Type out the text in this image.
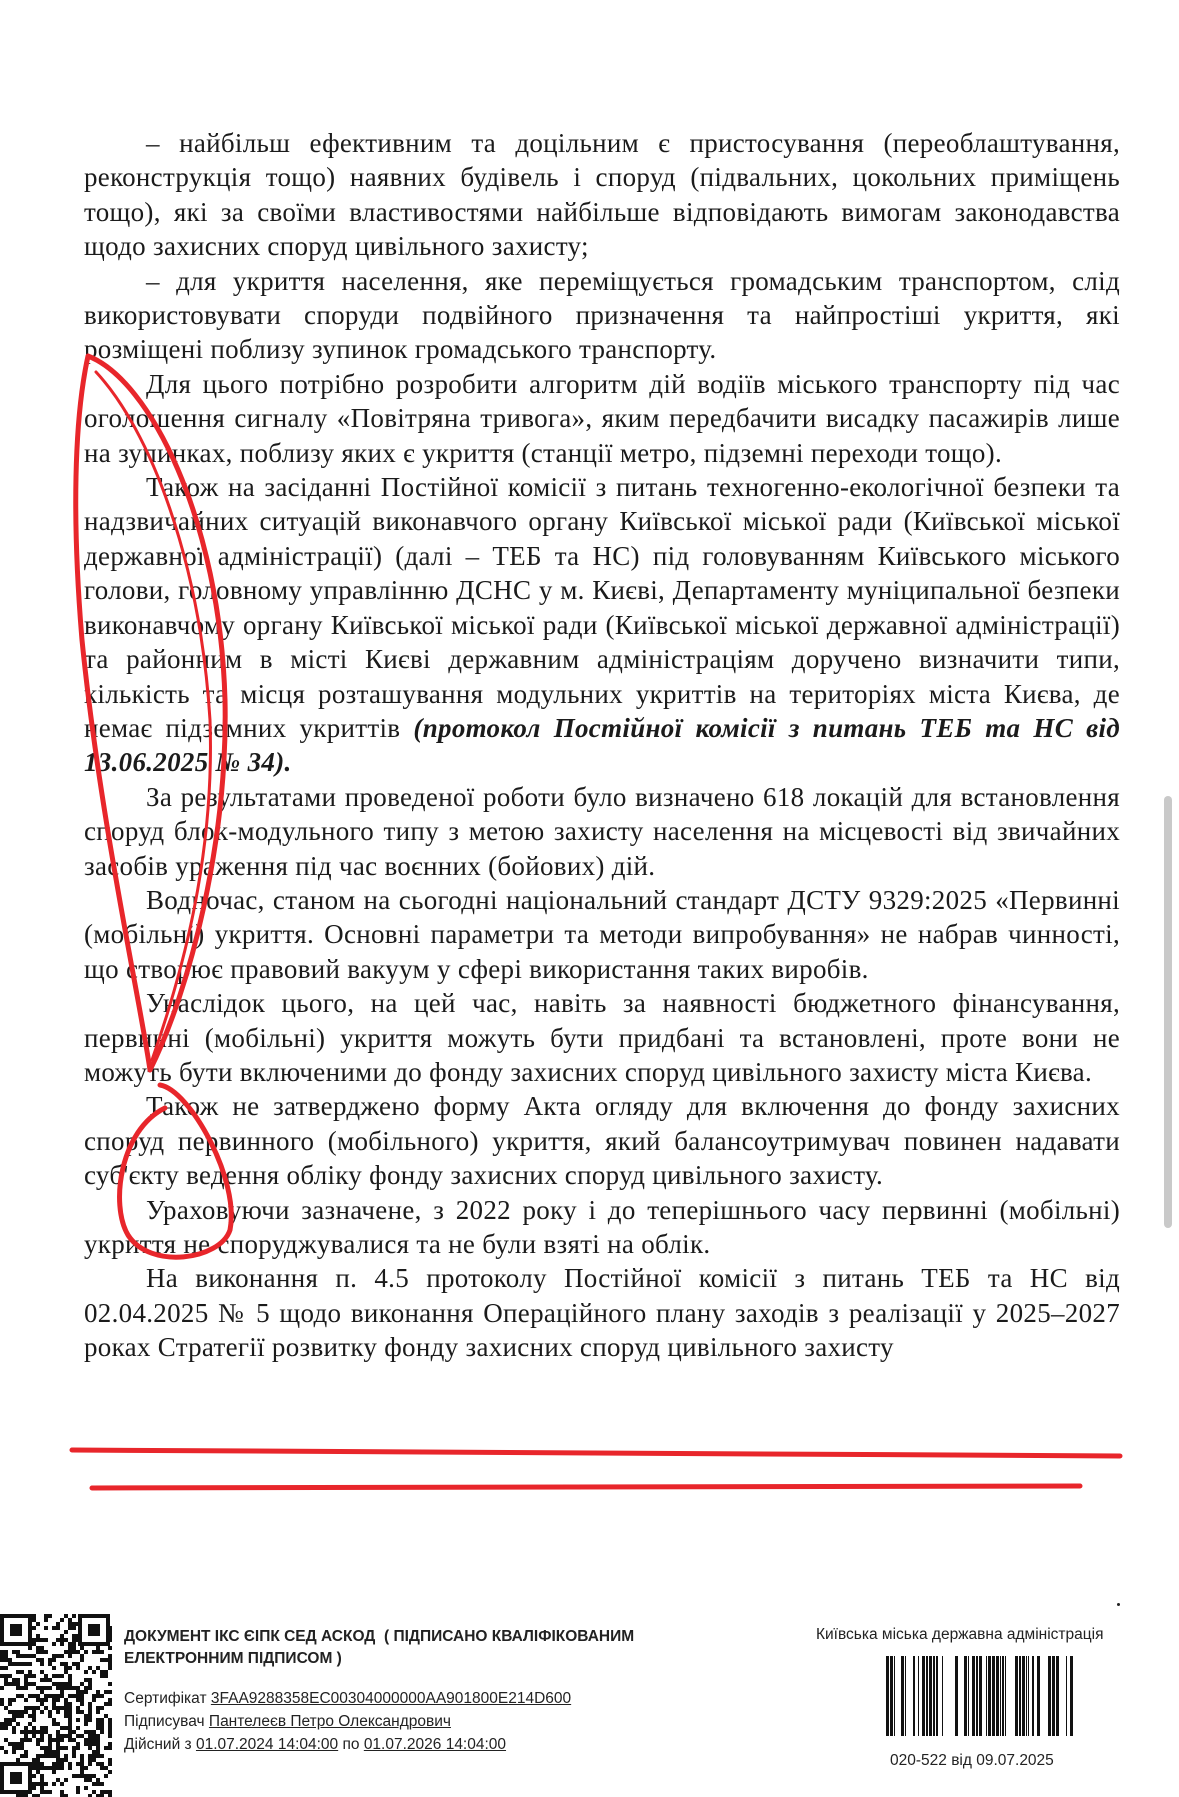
– найбільш ефективним та доцільним є пристосування (переоблаштування, реконструкція тощо) наявних будівель і споруд (підвальних, цокольних приміщень тощо), які за своїми властивостями найбільше відповідають вимогам законодавства щодо захисних споруд цивільного захисту;

– для укриття населення, яке переміщується громадським транспортом, слід використовувати споруди подвійного призначення та найпростіші укриття, які розміщені поблизу зупинок громадського транспорту.

Для цього потрібно розробити алгоритм дій водіїв міського транспорту під час оголошення сигналу «Повітряна тривога», яким передбачити висадку пасажирів лише на зупинках, поблизу яких є укриття (станції метро, підземні переходи тощо).

Також на засіданні Постійної комісії з питань техногенно-екологічної безпеки та надзвичайних ситуацій виконавчого органу Київської міської ради (Київської міської державної адміністрації) (далі – ТЕБ та НС) під головуванням Київського міського голови, головному управлінню ДСНС у м. Києві, Департаменту муніципальної безпеки виконавчому органу Київської міської ради (Київської міської державної адміністрації) та районним в місті Києві державним адміністраціям доручено визначити типи, кількість та місця розташування модульних укриттів на територіях міста Києва, де немає підземних укриттів (протокол Постійної комісії з питань ТЕБ та НС від 13.06.2025 № 34).

За результатами проведеної роботи було визначено 618 локацій для встановлення споруд блок-модульного типу з метою захисту населення на місцевості від звичайних засобів ураження під час воєнних (бойових) дій.

Водночас, станом на сьогодні національний стандарт ДСТУ 9329:2025 «Первинні (мобільні) укриття. Основні параметри та методи випробування» не набрав чинності, що створює правовий вакуум у сфері використання таких виробів.

Унаслідок цього, на цей час, навіть за наявності бюджетного фінансування, первинні (мобільні) укриття можуть бути придбані та встановлені, проте вони не можуть бути включеними до фонду захисних споруд цивільного захисту міста Києва.

Також не затверджено форму Акта огляду для включення до фонду захисних споруд первинного (мобільного) укриття, який балансоутримувач повинен надавати суб'єкту ведення обліку фонду захисних споруд цивільного захисту.

Ураховуючи зазначене, з 2022 року і до теперішнього часу первинні (мобільні) укриття не споруджувалися та не були взяті на облік.

На виконання п. 4.5 протоколу Постійної комісії з питань ТЕБ та НС від 02.04.2025 № 5 щодо виконання Операційного плану заходів з реалізації у 2025–2027 роках Стратегії розвитку фонду захисних споруд цивільного захисту

ДОКУМЕНТ ІКС ЄІПК СЕД АСКОД ( ПІДПИСАНО КВАЛІФІКОВАНИМ ЕЛЕКТРОННИМ ПІДПИСОМ )
Сертифікат 3FAA9288358EC00304000000AA901800E214D600
Підписувач Пантелеєв Петро Олександрович
Дійсний з 01.07.2024 14:04:00 по 01.07.2026 14:04:00
Київська міська державна адміністрація
020-522 від 09.07.2025
